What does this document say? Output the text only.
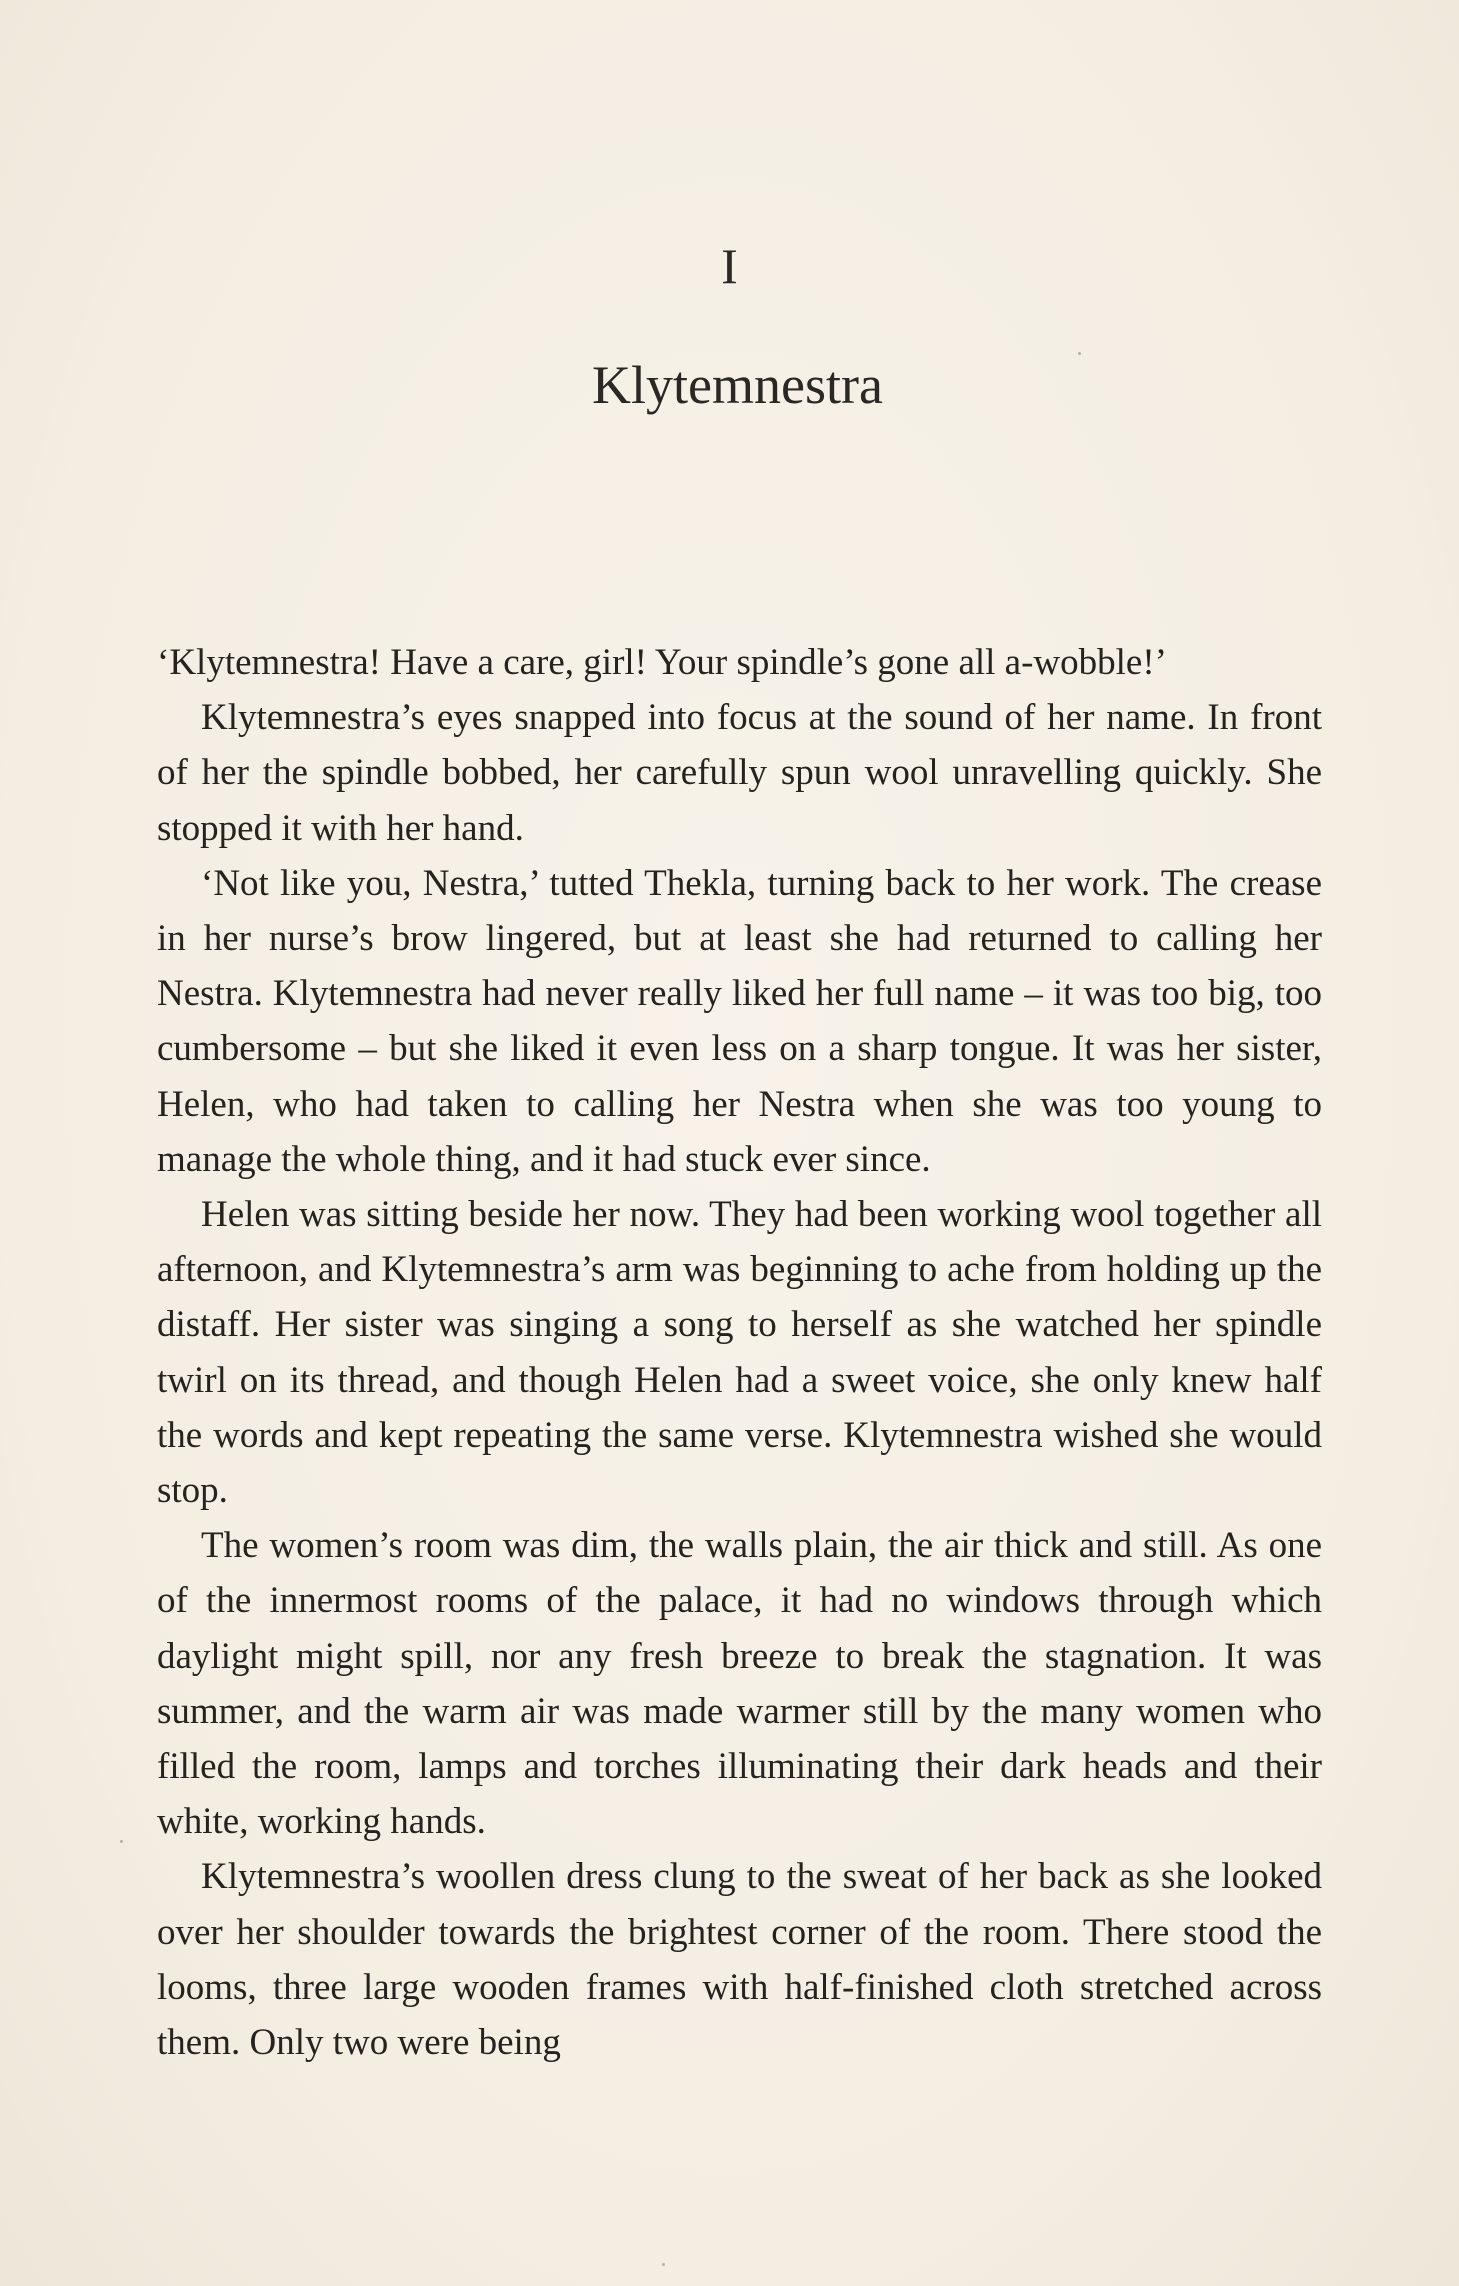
I
Klytemnestra

‘Klytemnestra! Have a care, girl! Your spindle’s gone all a-wobble!’

Klytemnestra’s eyes snapped into focus at the sound of her name. In front of her the spindle bobbed, her carefully spun wool unravelling quickly. She stopped it with her hand.

‘Not like you, Nestra,’ tutted Thekla, turning back to her work. The crease in her nurse’s brow lingered, but at least she had returned to calling her Nestra. Klytemnestra had never really liked her full name – it was too big, too cumbersome – but she liked it even less on a sharp tongue. It was her sister, Helen, who had taken to calling her Nestra when she was too young to manage the whole thing, and it had stuck ever since.

Helen was sitting beside her now. They had been working wool together all afternoon, and Klytemnestra’s arm was beginning to ache from holding up the distaff. Her sister was singing a song to herself as she watched her spindle twirl on its thread, and though Helen had a sweet voice, she only knew half the words and kept repeating the same verse. Klytemnestra wished she would stop.

The women’s room was dim, the walls plain, the air thick and still. As one of the innermost rooms of the palace, it had no windows through which daylight might spill, nor any fresh breeze to break the stagnation. It was summer, and the warm air was made warmer still by the many women who filled the room, lamps and torches illuminating their dark heads and their white, working hands.

Klytemnestra’s woollen dress clung to the sweat of her back as she looked over her shoulder towards the brightest corner of the room. There stood the looms, three large wooden frames with half-finished cloth stretched across them. Only two were being
